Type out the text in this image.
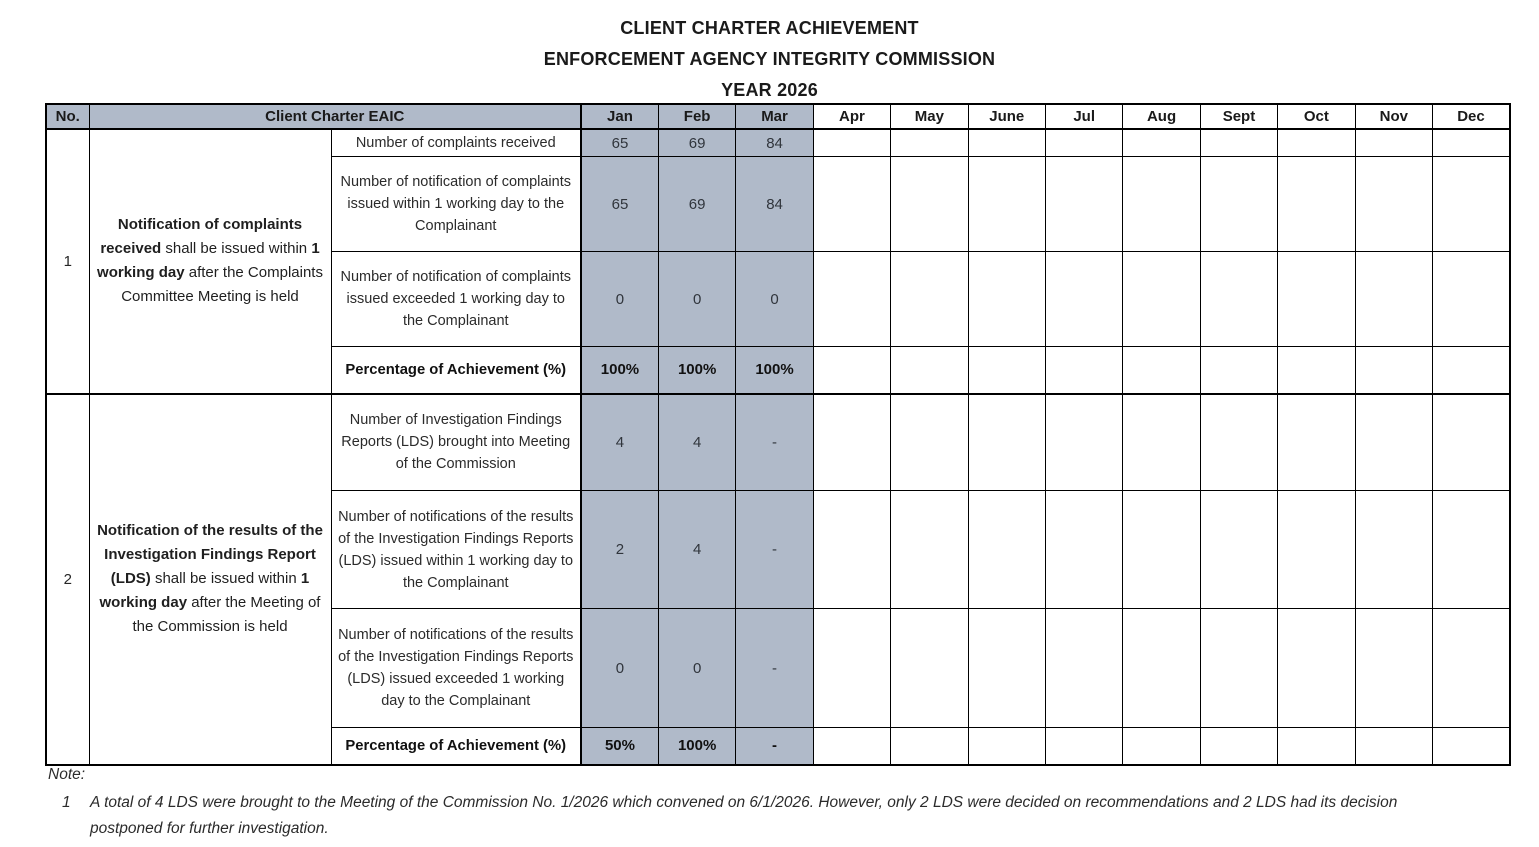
CLIENT CHARTER ACHIEVEMENT
ENFORCEMENT AGENCY INTEGRITY COMMISSION
YEAR 2026
No.	Client Charter EAIC		Jan	Feb	Mar	Apr	May	June	Jul	Aug	Sept	Oct	Nov	Dec
1	Notification of complaints received shall be issued within 1 working day after the Complaints Committee Meeting is held	Number of complaints received	65	69	84									
		Number of notification of complaints issued within 1 working day to the Complainant	65	69	84									
		Number of notification of complaints issued exceeded 1 working day to the Complainant	0	0	0									
		Percentage of Achievement (%)	100%	100%	100%									
2	Notification of the results of the Investigation Findings Report (LDS) shall be issued within 1 working day after the Meeting of the Commission is held	Number of Investigation Findings Reports (LDS) brought into Meeting of the Commission	4	4	-									
		Number of notifications of the results of the Investigation Findings Reports (LDS) issued within 1 working day to the Complainant	2	4	-									
		Number of notifications of the results of the Investigation Findings Reports (LDS) issued exceeded 1 working day to the Complainant	0	0	-									
		Percentage of Achievement (%)	50%	100%	-									
Note:
1	A total of 4 LDS were brought to the Meeting of the Commission No. 1/2026 which convened on 6/1/2026. However, only 2 LDS were decided on recommendations and 2 LDS had its decision postponed for further investigation.
